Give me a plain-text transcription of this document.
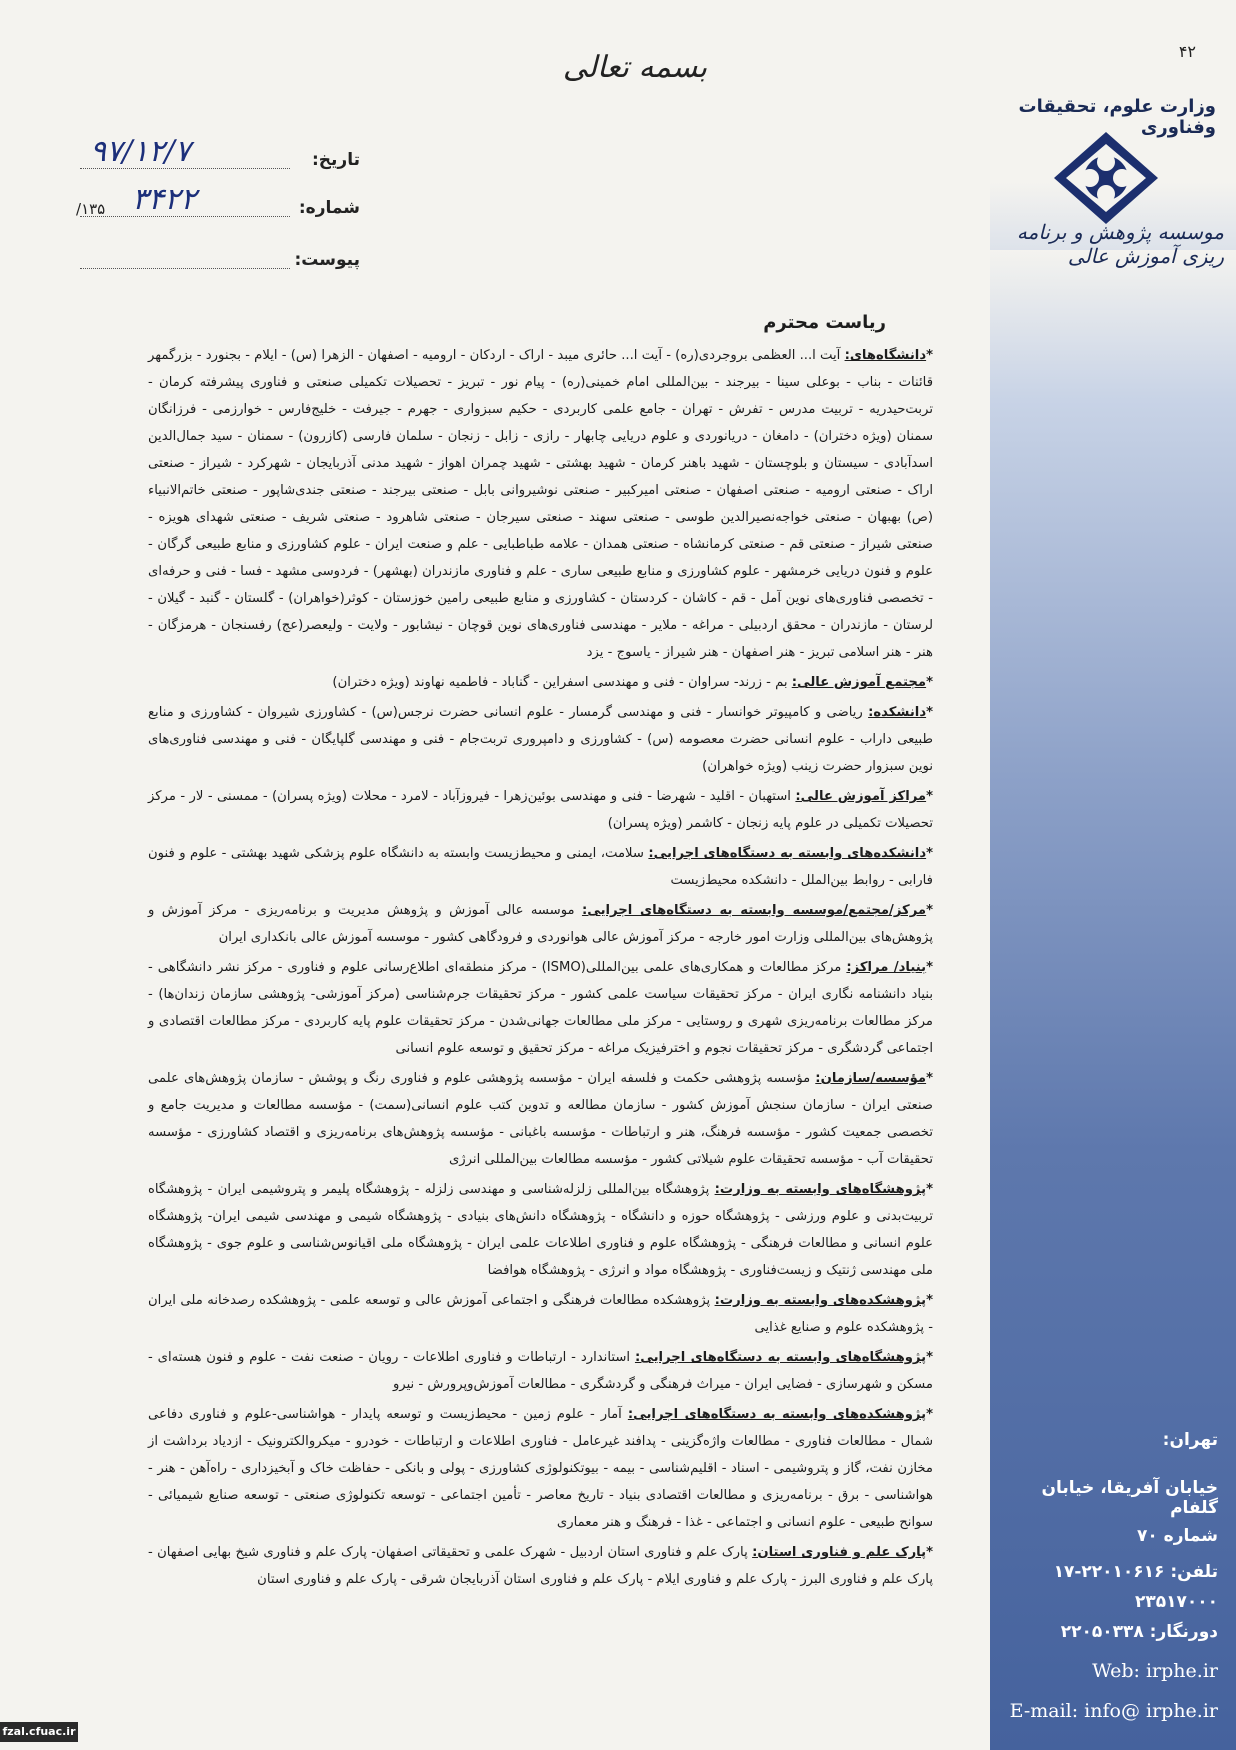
۴۲
وزارت علوم، تحقیقات وفناوری
موسسه پژوهش و برنامه ریزی آموزش عالی
بسمه تعالی
تاریخ:
۹۷/۱۲/۷
شماره:
۱۳۵/ ۳۴۲۲
پیوست:
ریاست محترم

*دانشگاه‌های: آیت ا... العظمی بروجردی(ره) - آیت ا... حائری میبد - اراک - اردکان - ارومیه - اصفهان - الزهرا (س) - ایلام - بجنورد - بزرگمهر قائنات - بناب - بوعلی سینا - بیرجند - بین‌المللی امام خمینی(ره) - پیام نور - تبریز - تحصیلات تکمیلی صنعتی و فناوری پیشرفته کرمان - تربت‌حیدریه - تربیت مدرس - تفرش - تهران - جامع علمی کاربردی - حکیم سبزواری - جهرم - جیرفت - خلیج‌فارس - خوارزمی - فرزانگان سمنان (ویژه دختران) - دامغان - دریانوردی و علوم دریایی چابهار - رازی - زابل - زنجان - سلمان فارسی (کازرون) - سمنان - سید جمال‌الدین اسدآبادی - سیستان و بلوچستان - شهید باهنر کرمان - شهید بهشتی - شهید چمران اهواز - شهید مدنی آذربایجان - شهرکرد - شیراز - صنعتی اراک - صنعتی ارومیه - صنعتی اصفهان - صنعتی امیرکبیر - صنعتی نوشیروانی بابل - صنعتی بیرجند - صنعتی جندی‌شاپور - صنعتی خاتم‌الانبیاء (ص) بهبهان - صنعتی خواجه‌نصیرالدین طوسی - صنعتی سهند - صنعتی سیرجان - صنعتی شاهرود - صنعتی شریف - صنعتی شهدای هویزه - صنعتی شیراز - صنعتی قم - صنعتی کرمانشاه - صنعتی همدان - علامه طباطبایی - علم و صنعت ایران - علوم کشاورزی و منابع طبیعی گرگان - علوم و فنون دریایی خرمشهر - علوم کشاورزی و منابع طبیعی ساری - علم و فناوری مازندران (بهشهر) - فردوسی مشهد - فسا - فنی و حرفه‌ای - تخصصی فناوری‌های نوین آمل - قم - کاشان - کردستان - کشاورزی و منابع طبیعی رامین خوزستان - کوثر(خواهران) - گلستان - گنبد - گیلان - لرستان - مازندران - محقق اردبیلی - مراغه - ملایر - مهندسی فناوری‌های نوین قوچان - نیشابور - ولایت - ولیعصر(عج) رفسنجان - هرمزگان - هنر - هنر اسلامی تبریز - هنر اصفهان - هنر شیراز - یاسوج - یزد

*مجتمع آموزش عالی: بم - زرند- سراوان - فنی و مهندسی اسفراین - گناباد - فاطمیه نهاوند (ویژه دختران)

*دانشکده: ریاضی و کامپیوتر خوانسار - فنی و مهندسی گرمسار - علوم انسانی حضرت نرجس(س) - کشاورزی شیروان - کشاورزی و منابع طبیعی داراب - علوم انسانی حضرت معصومه (س) - کشاورزی و دامپروری تربت‌جام - فنی و مهندسی گلپایگان - فنی و مهندسی فناوری‌های نوین سبزوار حضرت زینب (ویژه خواهران)

*مراکز آموزش عالی: استهبان - اقلید - شهرضا - فنی و مهندسی بوئین‌زهرا - فیروزآباد - لامرد - محلات (ویژه پسران) - ممسنی - لار - مرکز تحصیلات تکمیلی در علوم پایه زنجان - کاشمر (ویژه پسران)

*دانشکده‌های وابسته به دستگاه‌های اجرایی: سلامت، ایمنی و محیط‌زیست وابسته به دانشگاه علوم پزشکی شهید بهشتی - علوم و فنون فارابی - روابط بین‌الملل - دانشکده محیط‌زیست

*مرکز/مجتمع/موسسه وابسته به دستگاه‌های اجرایی: موسسه عالی آموزش و پژوهش مدیریت و برنامه‌ریزی - مرکز آموزش و پژوهش‌های بین‌المللی وزارت امور خارجه - مرکز آموزش عالی هوانوردی و فرودگاهی کشور - موسسه آموزش عالی بانکداری ایران

*بنیاد/ مراکز: مرکز مطالعات و همکاری‌های علمی بین‌المللی(ISMO) - مرکز منطقه‌ای اطلاع‌رسانی علوم و فناوری - مرکز نشر دانشگاهی - بنیاد دانشنامه نگاری ایران - مرکز تحقیقات سیاست علمی کشور - مرکز تحقیقات جرم‌شناسی (مرکز آموزشی- پژوهشی سازمان زندان‌ها) - مرکز مطالعات برنامه‌ریزی شهری و روستایی - مرکز ملی مطالعات جهانی‌شدن - مرکز تحقیقات علوم پایه کاربردی - مرکز مطالعات اقتصادی و اجتماعی گردشگری - مرکز تحقیقات نجوم و اخترفیزیک مراغه - مرکز تحقیق و توسعه علوم انسانی

*مؤسسه/سازمان: مؤسسه پژوهشی حکمت و فلسفه ایران - مؤسسه پژوهشی علوم و فناوری رنگ و پوشش - سازمان پژوهش‌های علمی صنعتی ایران - سازمان سنجش آموزش کشور - سازمان مطالعه و تدوین کتب علوم انسانی(سمت) - مؤسسه مطالعات و مدیریت جامع و تخصصی جمعیت کشور - مؤسسه فرهنگ، هنر و ارتباطات - مؤسسه باغبانی - مؤسسه پژوهش‌های برنامه‌ریزی و اقتصاد کشاورزی - مؤسسه تحقیقات آب - مؤسسه تحقیقات علوم شیلاتی کشور - مؤسسه مطالعات بین‌المللی انرژی

*پژوهشگاه‌های وابسته به وزارت: پژوهشگاه بین‌المللی زلزله‌شناسی و مهندسی زلزله - پژوهشگاه پلیمر و پتروشیمی ایران - پژوهشگاه تربیت‌بدنی و علوم ورزشی - پژوهشگاه حوزه و دانشگاه - پژوهشگاه دانش‌های بنیادی - پژوهشگاه شیمی و مهندسی شیمی ایران- پژوهشگاه علوم انسانی و مطالعات فرهنگی - پژوهشگاه علوم و فناوری اطلاعات علمی ایران - پژوهشگاه ملی اقیانوس‌شناسی و علوم جوی - پژوهشگاه ملی مهندسی ژنتیک و زیست‌فناوری - پژوهشگاه مواد و انرژی - پژوهشگاه هوافضا

*پژوهشکده‌های وابسته به وزارت: پژوهشکده مطالعات فرهنگی و اجتماعی آموزش عالی و توسعه علمی - پژوهشکده رصدخانه ملی ایران - پژوهشکده علوم و صنایع غذایی

*پژوهشگاه‌های وابسته به دستگاه‌های اجرایی: استاندارد - ارتباطات و فناوری اطلاعات - رویان - صنعت نفت - علوم و فنون هسته‌ای - مسکن و شهرسازی - فضایی ایران - میراث فرهنگی و گردشگری - مطالعات آموزش‌وپرورش - نیرو

*پژوهشکده‌های وابسته به دستگاه‌های اجرایی: آمار - علوم زمین - محیط‌زیست و توسعه پایدار - هواشناسی-علوم و فناوری دفاعی شمال - مطالعات فناوری - مطالعات واژه‌گزینی - پدافند غیرعامل - فناوری اطلاعات و ارتباطات - خودرو - میکروالکترونیک - ازدیاد برداشت از مخازن نفت، گاز و پتروشیمی - اسناد - اقلیم‌شناسی - بیمه - بیوتکنولوژی کشاورزی - پولی و بانکی - حفاظت خاک و آبخیزداری - راه‌آهن - هنر - هواشناسی - برق - برنامه‌ریزی و مطالعات اقتصادی بنیاد - تاریخ معاصر - تأمین اجتماعی - توسعه تکنولوژی صنعتی - توسعه صنایع شیمیائی - سوانح طبیعی - علوم انسانی و اجتماعی - غذا - فرهنگ و هنر معماری

*پارک علم و فناوری استان: پارک علم و فناوری استان اردبیل - شهرک علمی و تحقیقاتی اصفهان- پارک علم و فناوری شیخ بهایی اصفهان - پارک علم و فناوری البرز - پارک علم و فناوری ایلام - پارک علم و فناوری استان آذربایجان شرقی - پارک علم و فناوری استان

تهران:
خیابان آفریقا، خیابان گلفام
شماره ۷۰
تلفن: ۲۲۰۱۰۶۱۶-۱۷
۲۳۵۱۷۰۰۰
دورنگار: ۲۲۰۵۰۳۳۸
Web: irphe.ir
E-mail: info@ irphe.ir
fzal.cfuac.ir
